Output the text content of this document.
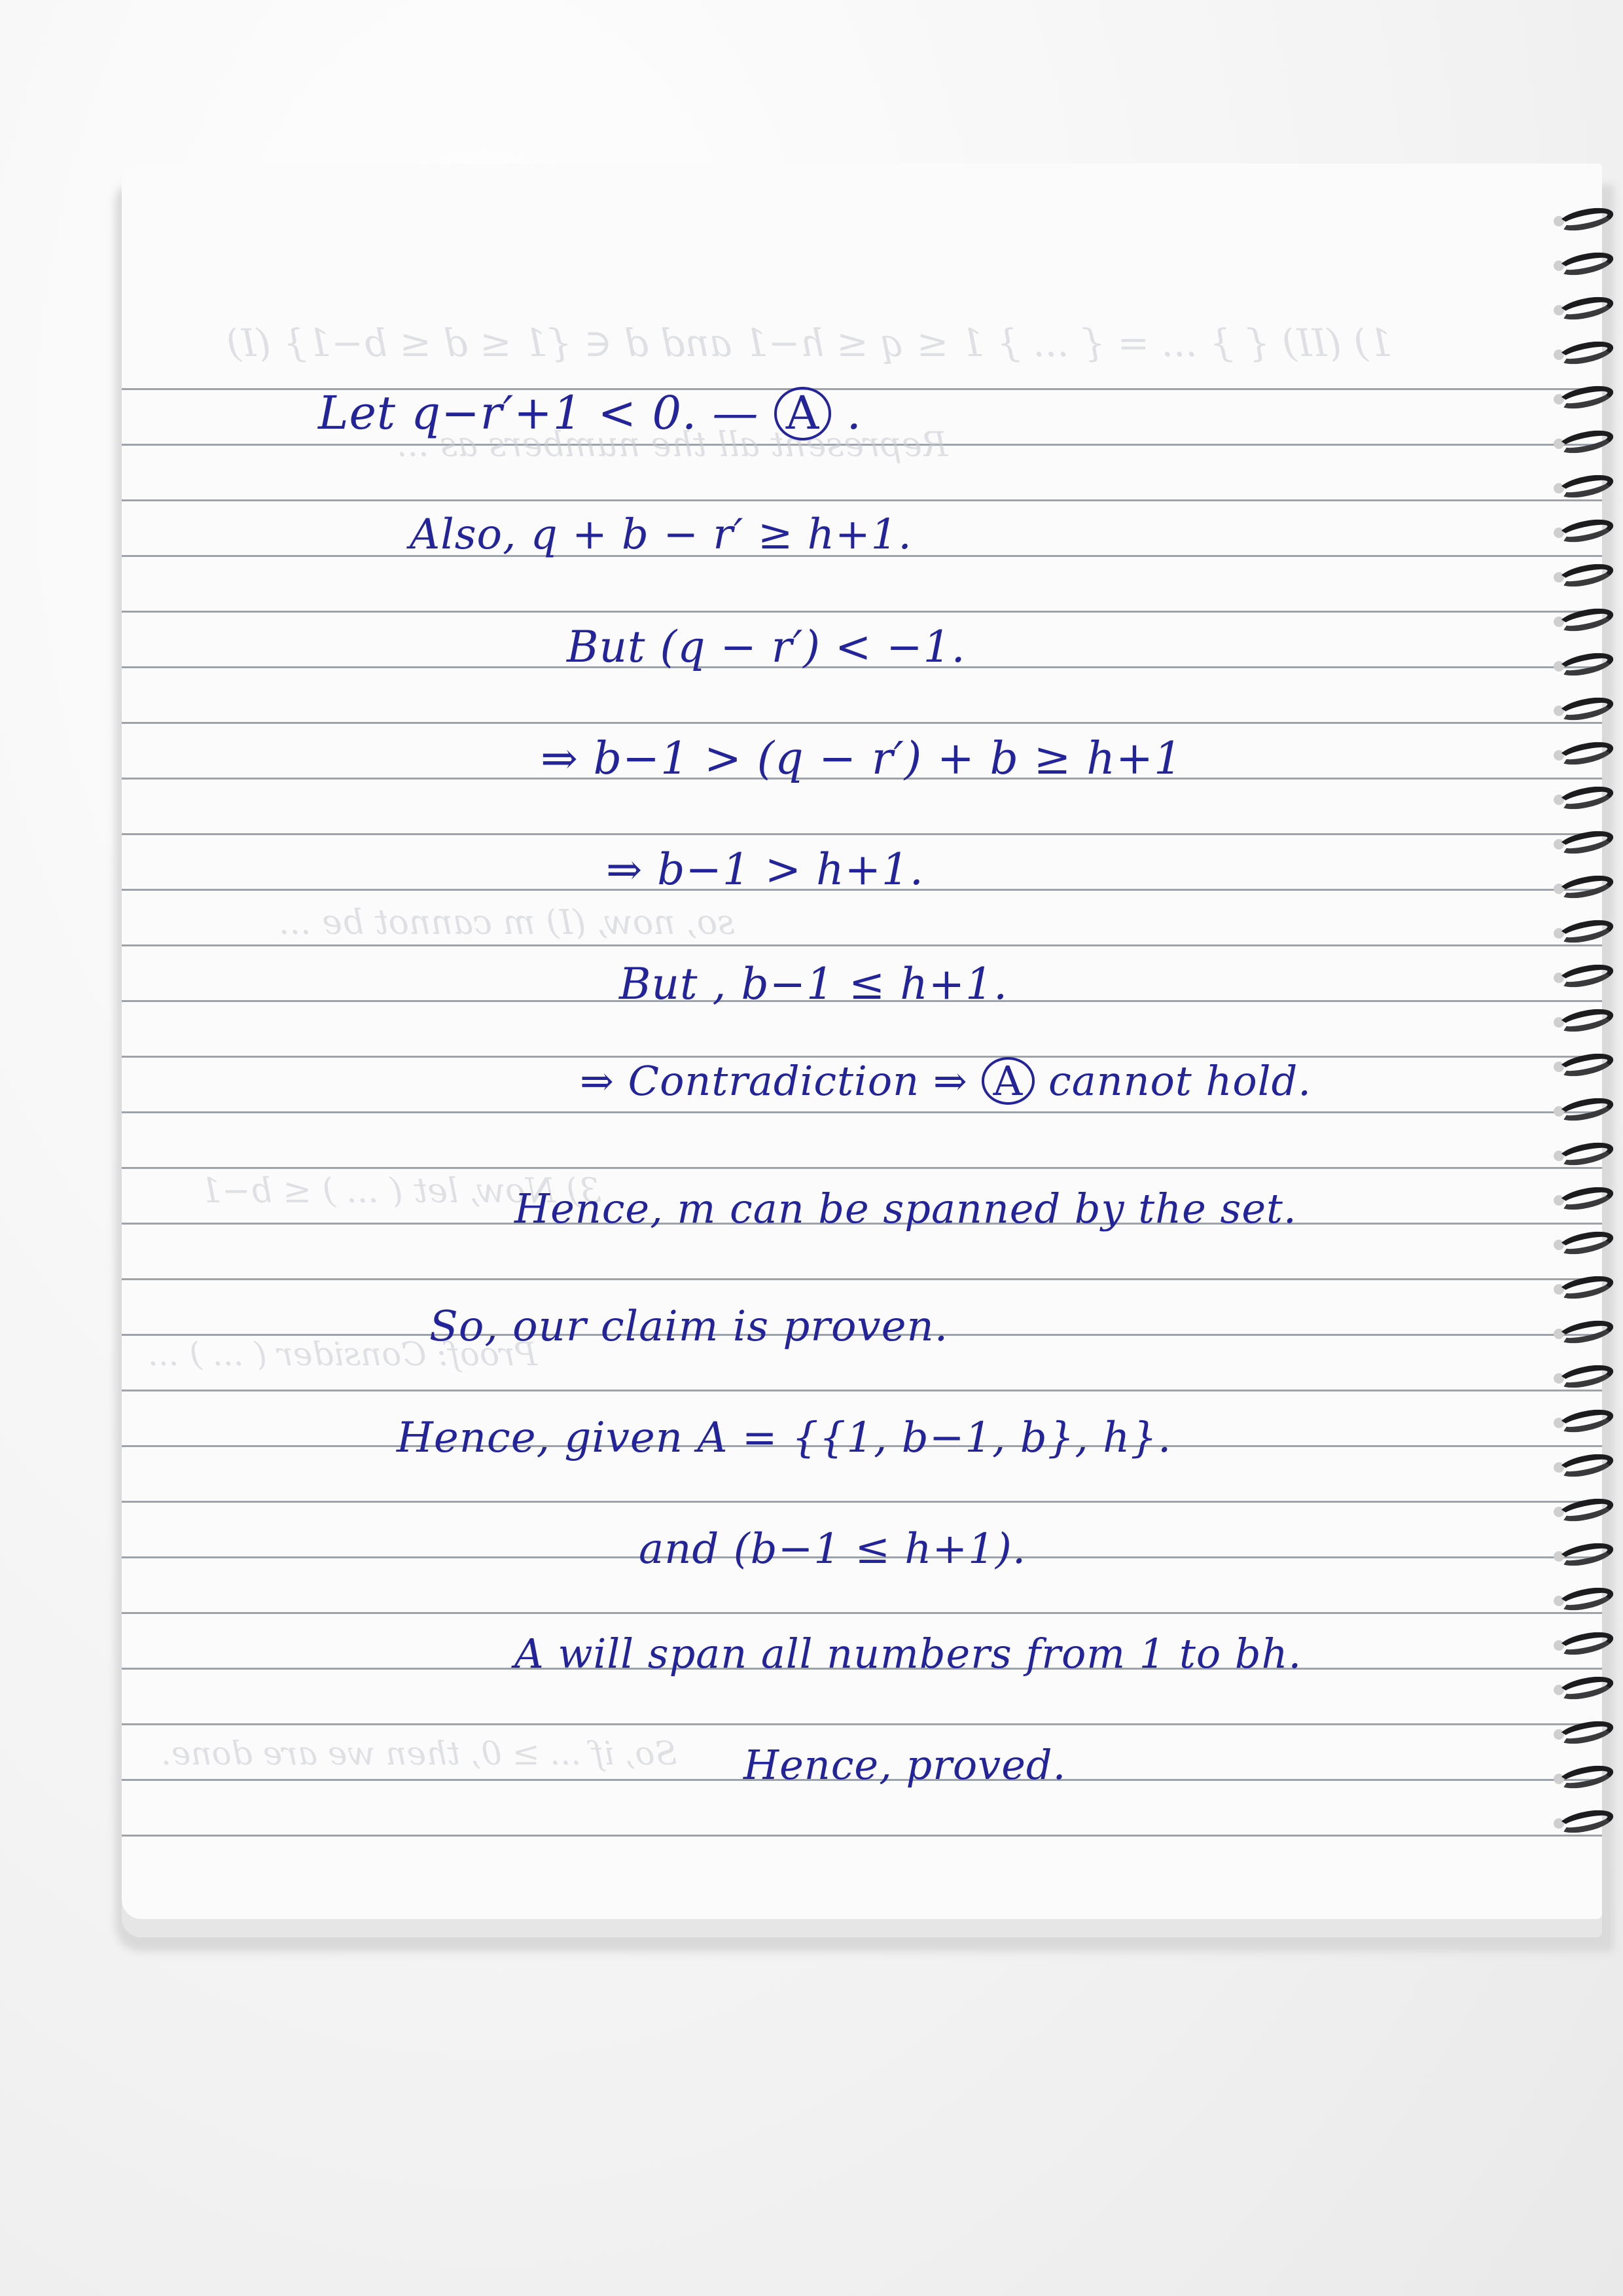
1) (II) { } ... = { ... } 1 ≤ q ≤ h−1 and d ∈ {1 ≤ d ≤ b−1} (I)
Represent all the numbers as ...
so, now, (I) m cannot be ...
3) Now, let ( ... ) ≤ b−1
Proof: Consider ( ... ) ...
So, if ... ≥ 0, then we are done.
Let q−r′+1 < 0. — A .
Also, q + b − r′ ≥ h+1.
But (q − r′) < −1.
⇒ b−1 > (q − r′) + b ≥ h+1
⇒ b−1 > h+1.
But , b−1 ≤ h+1.
⇒ Contradiction ⇒ A cannot hold.
Hence, m can be spanned by the set.
So, our claim is proven.
Hence, given A = {{1, b−1, b}, h}.
and (b−1 ≤ h+1).
A will span all numbers from 1 to bh.
Hence, proved.
